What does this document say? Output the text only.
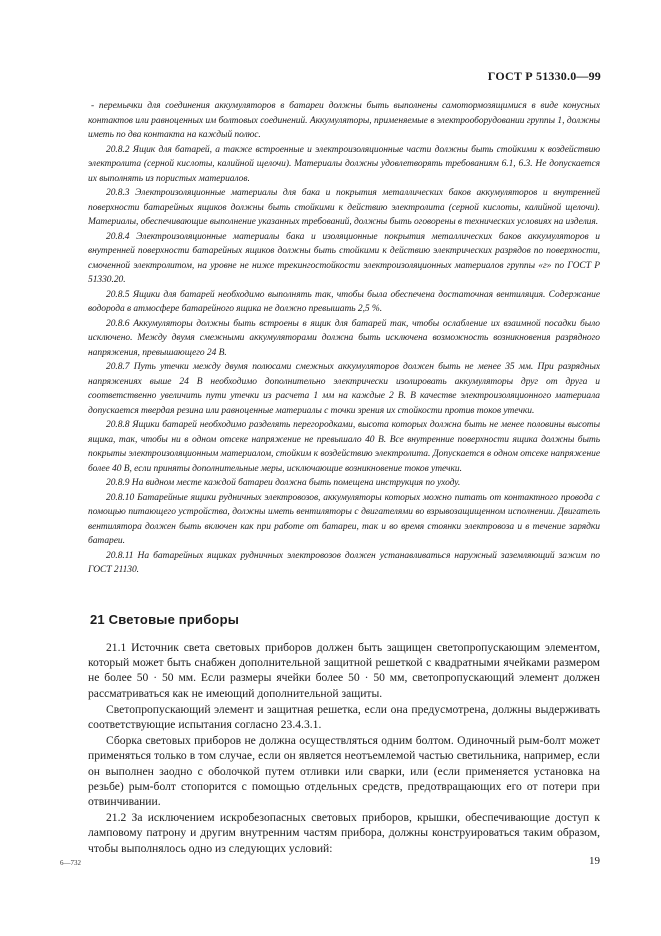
ГОСТ Р 51330.0—99

- перемычки для соединения аккумуляторов в батареи должны быть выполнены самотормозящимися в виде конусных контактов или равноценных им болтовых соединений. Аккумуляторы, применяемые в электрооборудовании группы 1, должны иметь по два контакта на каждый полюс.

20.8.2 Ящик для батарей, а также встроенные и электроизоляционные части должны быть стойкими к воздействию электролита (серной кислоты, калийной щелочи). Материалы должны удовлетворять требованиям 6.1, 6.3. Не допускается их выполнять из пористых материалов.

20.8.3 Электроизоляционные материалы для бака и покрытия металлических баков аккумуляторов и внутренней поверхности батарейных ящиков должны быть стойкими к действию электролита (серной кислоты, калийной щелочи). Материалы, обеспечивающие выполнение указанных требований, должны быть оговорены в технических условиях на изделия.

20.8.4 Электроизоляционные материалы бака и изоляционные покрытия металлических баков аккумуляторов и внутренней поверхности батарейных ящиков должны быть стойкими к действию электрических разрядов по поверхности, смоченной электролитом, на уровне не ниже трекингостойкости электроизоляционных материалов группы «г» по ГОСТ Р 51330.20.

20.8.5 Ящики для батарей необходимо выполнять так, чтобы была обеспечена достаточная вентиляция. Содержание водорода в атмосфере батарейного ящика не должно превышать 2,5 %.

20.8.6 Аккумуляторы должны быть встроены в ящик для батарей так, чтобы ослабление их взаимной посадки было исключено. Между двумя смежными аккумуляторами должна быть исключена возможность возникновения разрядного напряжения, превышающего 24 В.

20.8.7 Путь утечки между двумя полюсами смежных аккумуляторов должен быть не менее 35 мм. При разрядных напряжениях выше 24 В необходимо дополнительно электрически изолировать аккумуляторы друг от друга и соответственно увеличить пути утечки из расчета 1 мм на каждые 2 В. В качестве электроизоляционного материала допускается твердая резина или равноценные материалы с точки зрения их стойкости против токов утечки.

20.8.8 Ящики батарей необходимо разделять перегородками, высота которых должна быть не менее половины высоты ящика, так, чтобы ни в одном отсеке напряжение не превышало 40 В. Все внутренние поверхности ящика должны быть покрыты электроизоляционным материалом, стойким к воздействию электролита. Допускается в одном отсеке напряжение более 40 В, если приняты дополнительные меры, исключающие возникновение токов утечки.

20.8.9 На видном месте каждой батареи должна быть помещена инструкция по уходу.

20.8.10 Батарейные ящики рудничных электровозов, аккумуляторы которых можно питать от контактного провода с помощью питающего устройства, должны иметь вентиляторы с двигателями во взрывозащищенном исполнении. Двигатель вентилятора должен быть включен как при работе от батареи, так и во время стоянки электровоза и в течение зарядки батареи.

20.8.11 На батарейных ящиках рудничных электровозов должен устанавливаться наружный заземляющий зажим по ГОСТ 21130.

21 Световые приборы

21.1 Источник света световых приборов должен быть защищен светопропускающим элементом, который может быть снабжен дополнительной защитной решеткой с квадратными ячейками размером не более 50 · 50 мм. Если размеры ячейки более 50 · 50 мм, светопропускающий элемент должен рассматриваться как не имеющий дополнительной защиты.

Светопропускающий элемент и защитная решетка, если она предусмотрена, должны выдерживать соответствующие испытания согласно 23.4.3.1.

Сборка световых приборов не должна осуществляться одним болтом. Одиночный рым-болт может применяться только в том случае, если он является неотъемлемой частью светильника, например, если он выполнен заодно с оболочкой путем отливки или сварки, или (если применяется установка на резьбе) рым-болт стопорится с помощью отдельных средств, предотвращающих его от потери при отвинчивании.

21.2 За исключением искробезопасных световых приборов, крышки, обеспечивающие доступ к ламповому патрону и другим внутренним частям прибора, должны конструироваться таким образом, чтобы выполнялось одно из следующих условий:

6—732	19
